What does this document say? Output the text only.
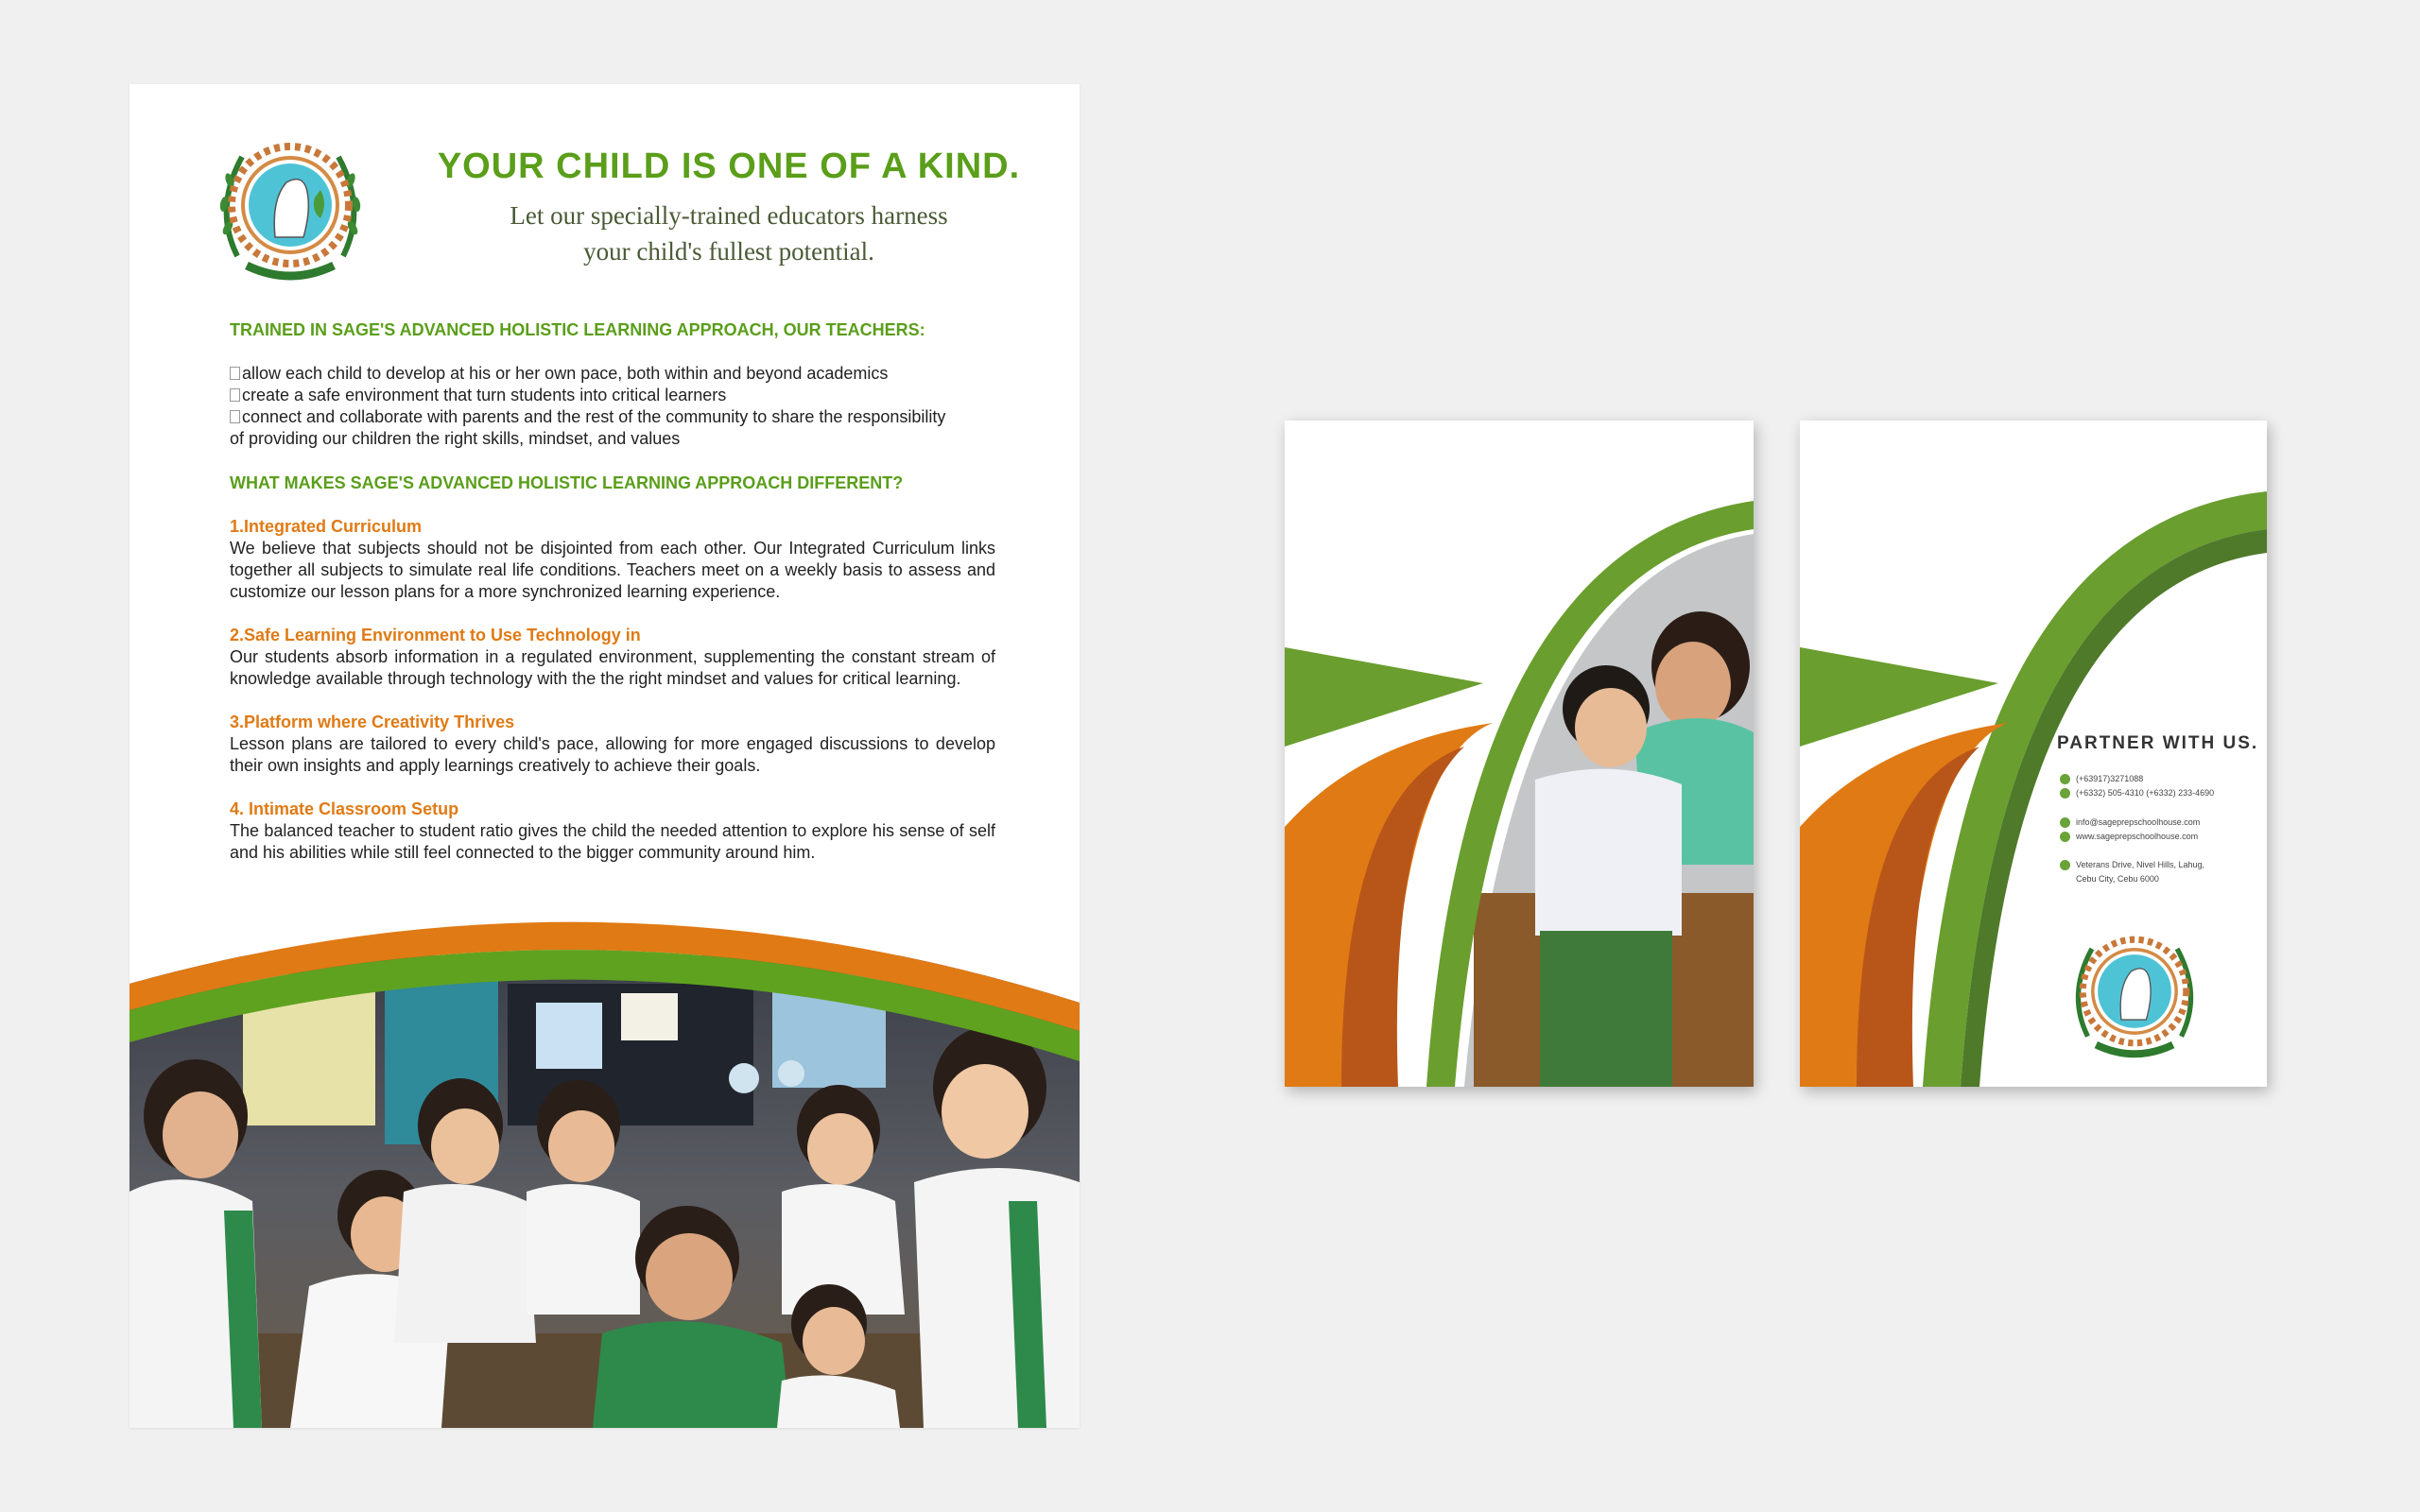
YOUR CHILD IS ONE OF A KIND.
Let our specially-trained educators harness
your child's fullest potential.
TRAINED IN SAGE'S ADVANCED HOLISTIC LEARNING APPROACH, OUR TEACHERS:
allow each child to develop at his or her own pace, both within and beyond academics
create a safe environment that turn students into critical learners
connect and collaborate with parents and the rest of the community to share the responsibility
of providing our children the right skills, mindset, and values
WHAT MAKES SAGE'S ADVANCED HOLISTIC LEARNING APPROACH DIFFERENT?
1.Integrated Curriculum
We believe that subjects should not be disjointed from each other. Our Integrated Curriculum links together all subjects to simulate real life conditions. Teachers meet on a weekly basis to assess and customize our lesson plans for a more synchronized learning experience.
2.Safe Learning Environment to Use Technology in
Our students absorb information in a regulated environment, supplementing the constant stream of knowledge available through technology with the the right mindset and values for critical learning.
3.Platform where Creativity Thrives
Lesson plans are tailored to every child's pace, allowing for more engaged discussions to develop their own insights and apply learnings creatively to achieve their goals.
4. Intimate Classroom Setup
The balanced teacher to student ratio gives the child the needed attention to explore his sense of self and his abilities while still feel connected to the bigger community around him.
PARTNER WITH US.
(+63917)3271088
(+6332) 505-4310 (+6332) 233-4690
info@sageprepschoolhouse.com
www.sageprepschoolhouse.com
Veterans Drive, Nivel Hills, Lahug,
Cebu City, Cebu 6000
